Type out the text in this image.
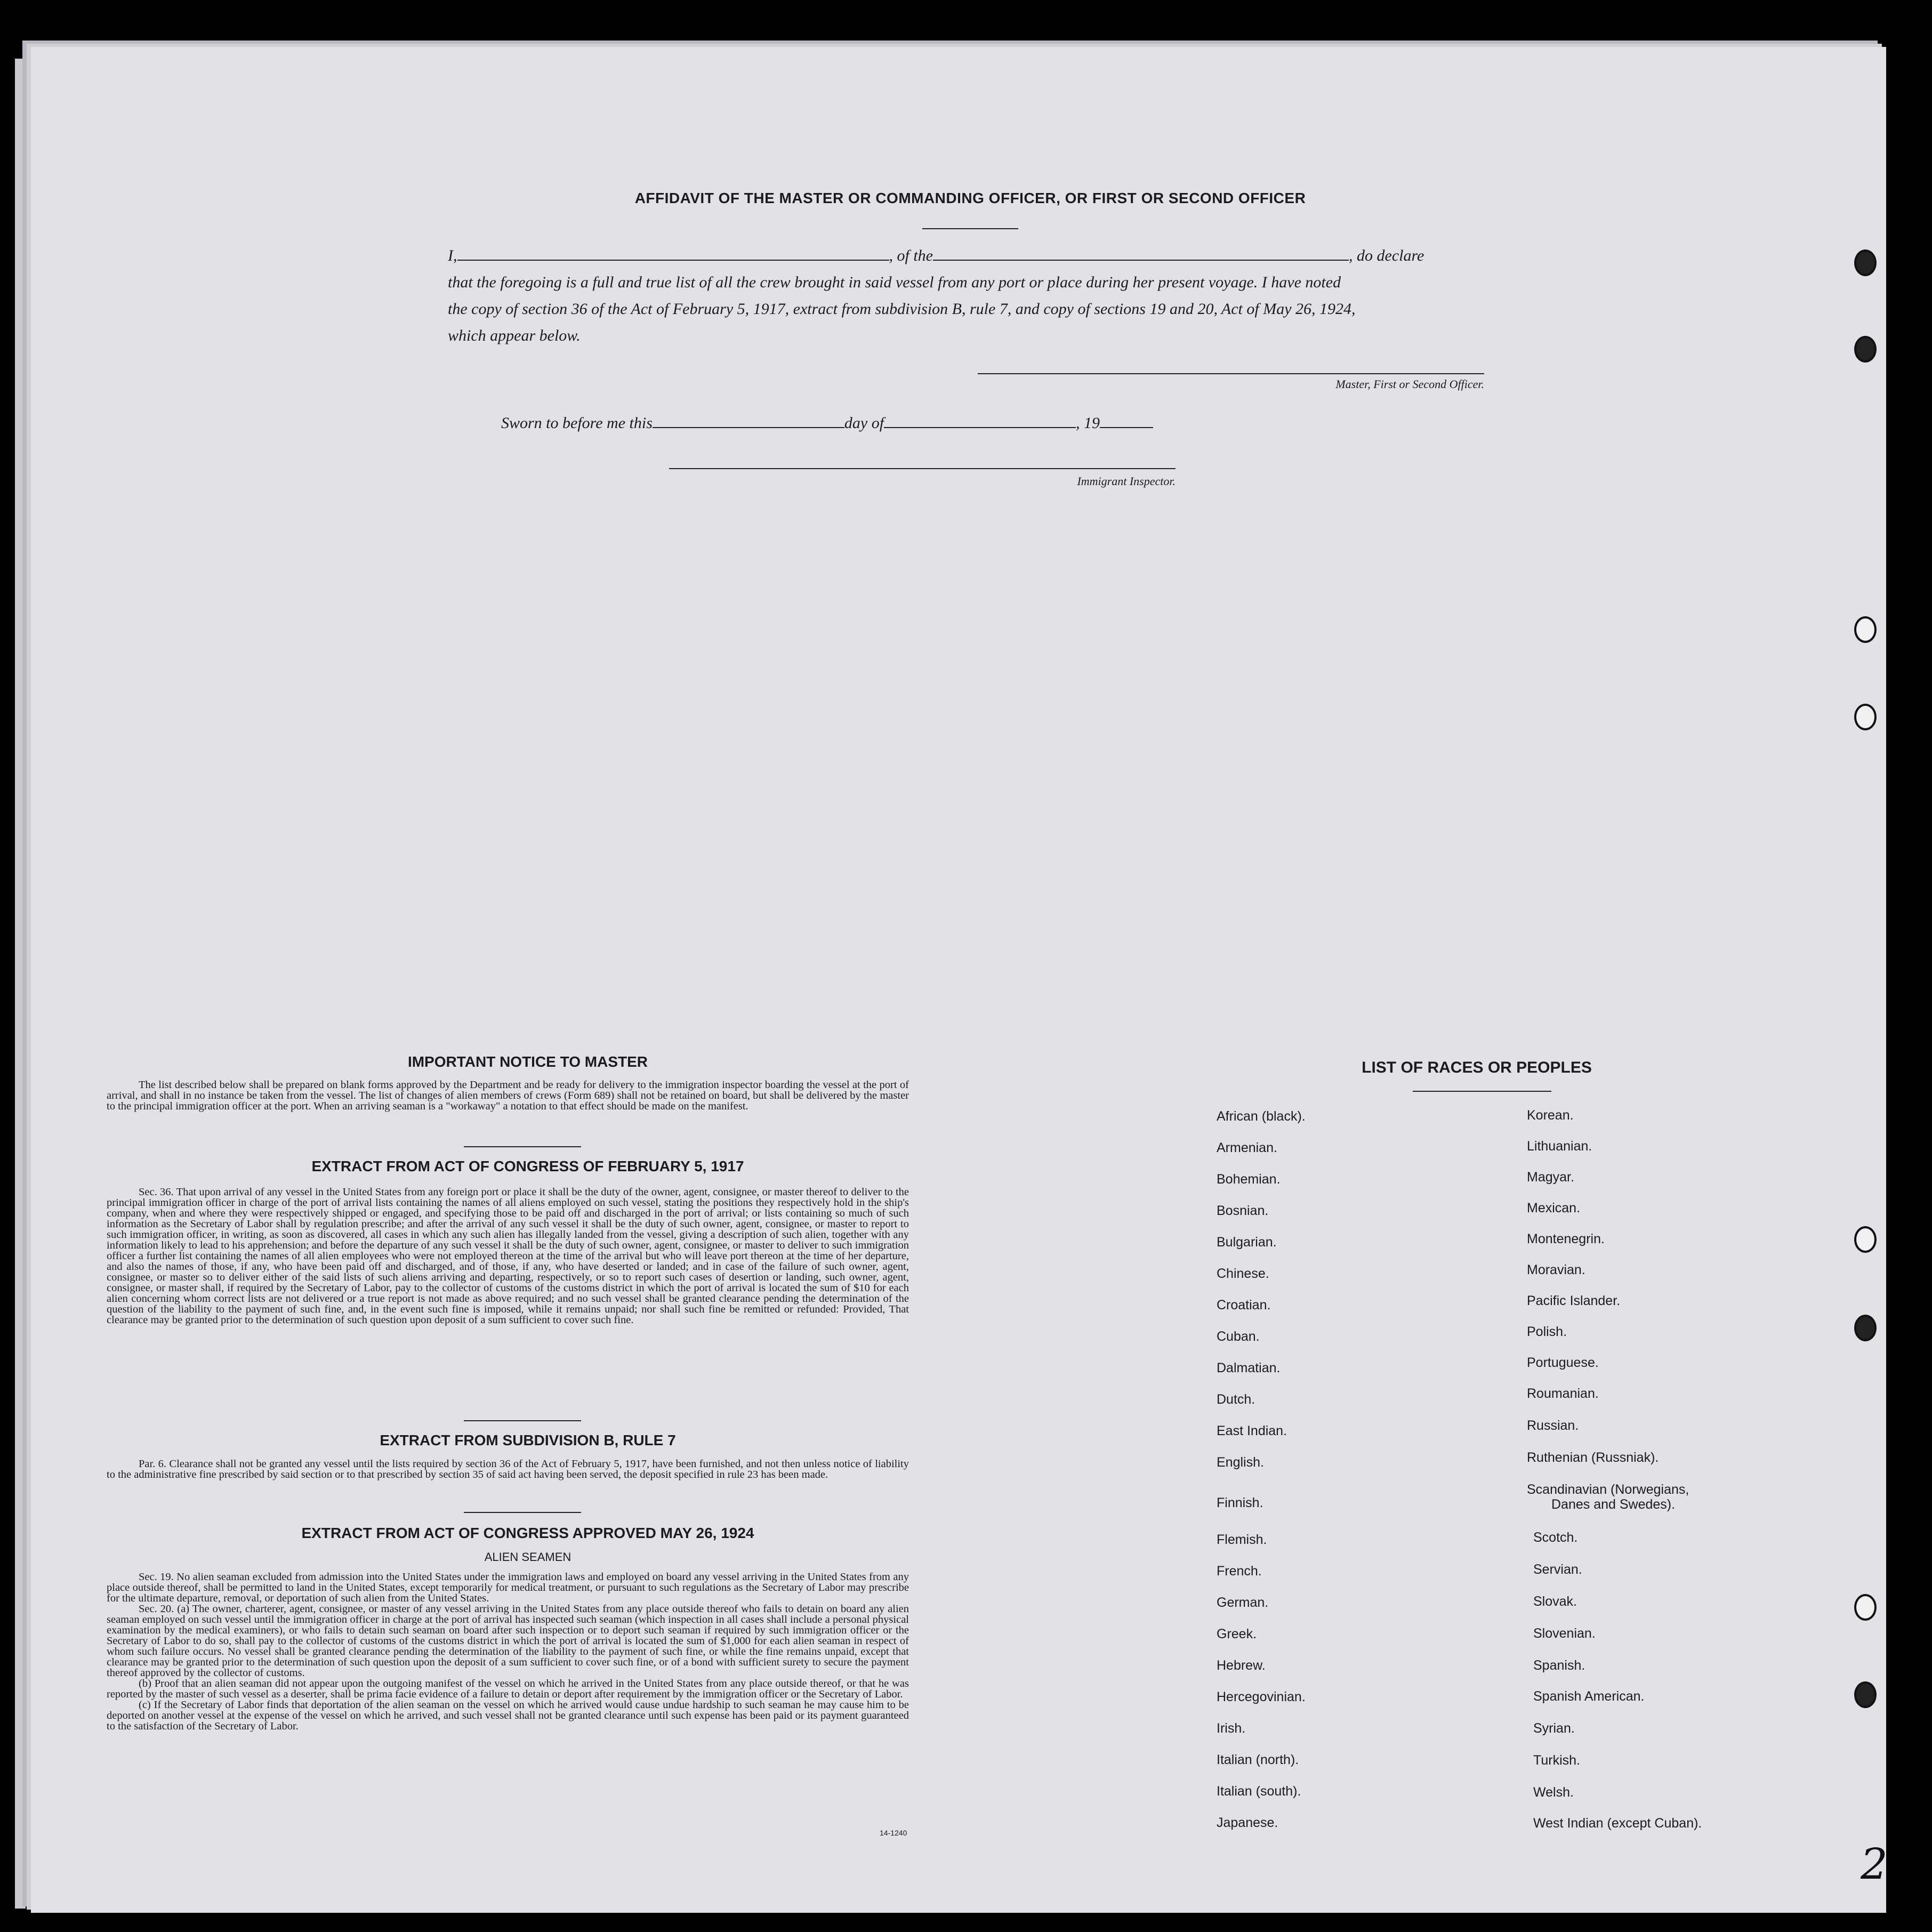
AFFIDAVIT OF THE MASTER OR COMMANDING OFFICER, OR FIRST OR SECOND OFFICER
I,	, of the	, do declare
that the foregoing is a full and true list of all the crew brought in said vessel from any port or place during her present voyage. I have noted
the copy of section 36 of the Act of February 5, 1917, extract from subdivision B, rule 7, and copy of sections 19 and 20, Act of May 26, 1924,
which appear below.
Master, First or Second Officer.
Sworn to before me this	day of	, 19
Immigrant Inspector.
IMPORTANT NOTICE TO MASTER

The list described below shall be prepared on blank forms approved by the Department and be ready for delivery to the immigration inspector boarding the vessel at the port of arrival, and shall in no instance be taken from the vessel. The list of changes of alien members of crews (Form 689) shall not be retained on board, but shall be delivered by the master to the principal immigration officer at the port. When an arriving seaman is a "workaway" a notation to that effect should be made on the manifest.

EXTRACT FROM ACT OF CONGRESS OF FEBRUARY 5, 1917

Sec. 36. That upon arrival of any vessel in the United States from any foreign port or place it shall be the duty of the owner, agent, consignee, or master thereof to deliver to the principal immigration officer in charge of the port of arrival lists containing the names of all aliens employed on such vessel, stating the positions they respectively hold in the ship's company, when and where they were respectively shipped or engaged, and specifying those to be paid off and discharged in the port of arrival; or lists containing so much of such information as the Secretary of Labor shall by regulation prescribe; and after the arrival of any such vessel it shall be the duty of such owner, agent, consignee, or master to report to such immigration officer, in writing, as soon as discovered, all cases in which any such alien has illegally landed from the vessel, giving a description of such alien, together with any information likely to lead to his apprehension; and before the departure of any such vessel it shall be the duty of such owner, agent, consignee, or master to deliver to such immigration officer a further list containing the names of all alien employees who were not employed thereon at the time of the arrival but who will leave port thereon at the time of her departure, and also the names of those, if any, who have been paid off and discharged, and of those, if any, who have deserted or landed; and in case of the failure of such owner, agent, consignee, or master so to deliver either of the said lists of such aliens arriving and departing, respectively, or so to report such cases of desertion or landing, such owner, agent, consignee, or master shall, if required by the Secretary of Labor, pay to the collector of customs of the customs district in which the port of arrival is located the sum of $10 for each alien concerning whom correct lists are not delivered or a true report is not made as above required; and no such vessel shall be granted clearance pending the determination of the question of the liability to the payment of such fine, and, in the event such fine is imposed, while it remains unpaid; nor shall such fine be remitted or refunded: Provided, That clearance may be granted prior to the determination of such question upon deposit of a sum sufficient to cover such fine.

EXTRACT FROM SUBDIVISION B, RULE 7

Par. 6. Clearance shall not be granted any vessel until the lists required by section 36 of the Act of February 5, 1917, have been furnished, and not then unless notice of liability to the administrative fine prescribed by said section or to that prescribed by section 35 of said act having been served, the deposit specified in rule 23 has been made.

EXTRACT FROM ACT OF CONGRESS APPROVED MAY 26, 1924
ALIEN SEAMEN

Sec. 19. No alien seaman excluded from admission into the United States under the immigration laws and employed on board any vessel arriving in the United States from any place outside thereof, shall be permitted to land in the United States, except temporarily for medical treatment, or pursuant to such regulations as the Secretary of Labor may prescribe for the ultimate departure, removal, or deportation of such alien from the United States.

Sec. 20. (a) The owner, charterer, agent, consignee, or master of any vessel arriving in the United States from any place outside thereof who fails to detain on board any alien seaman employed on such vessel until the immigration officer in charge at the port of arrival has inspected such seaman (which inspection in all cases shall include a personal physical examination by the medical examiners), or who fails to detain such seaman on board after such inspection or to deport such seaman if required by such immigration officer or the Secretary of Labor to do so, shall pay to the collector of customs of the customs district in which the port of arrival is located the sum of $1,000 for each alien seaman in respect of whom such failure occurs. No vessel shall be granted clearance pending the determination of the liability to the payment of such fine, or while the fine remains unpaid, except that clearance may be granted prior to the determination of such question upon the deposit of a sum sufficient to cover such fine, or of a bond with sufficient surety to secure the payment thereof approved by the collector of customs.

(b) Proof that an alien seaman did not appear upon the outgoing manifest of the vessel on which he arrived in the United States from any place outside thereof, or that he was reported by the master of such vessel as a deserter, shall be prima facie evidence of a failure to detain or deport after requirement by the immigration officer or the Secretary of Labor.

(c) If the Secretary of Labor finds that deportation of the alien seaman on the vessel on which he arrived would cause undue hardship to such seaman he may cause him to be deported on another vessel at the expense of the vessel on which he arrived, and such vessel shall not be granted clearance until such expense has been paid or its payment guaranteed to the satisfaction of the Secretary of Labor.

14-1240
LIST OF RACES OR PEOPLES
African (black).
Armenian.
Bohemian.
Bosnian.
Bulgarian.
Chinese.
Croatian.
Cuban.
Dalmatian.
Dutch.
East Indian.
English.
Finnish.
Flemish.
French.
German.
Greek.
Hebrew.
Hercegovinian.
Irish.
Italian (north).
Italian (south).
Japanese.
Korean.
Lithuanian.
Magyar.
Mexican.
Montenegrin.
Moravian.
Pacific Islander.
Polish.
Portuguese.
Roumanian.
Russian.
Ruthenian (Russniak).
Scandinavian (Norwegians,
Danes and Swedes).
Scotch.
Servian.
Slovak.
Slovenian.
Spanish.
Spanish American.
Syrian.
Turkish.
Welsh.
West Indian (except Cuban).
2
